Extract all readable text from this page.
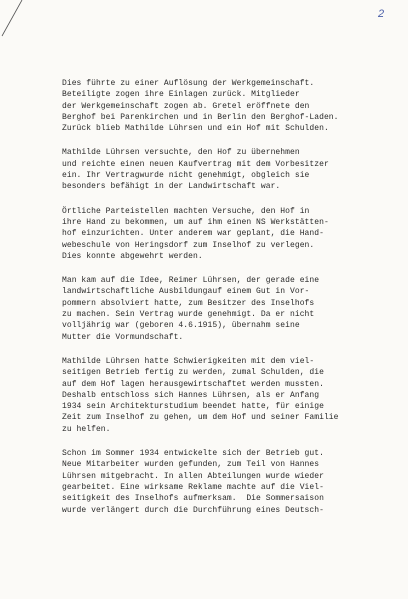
2
Dies führte zu einer Auflösung der Werkgemeinschaft.
Beteiligte zogen ihre Einlagen zurück. Mitglieder
der Werkgemeinschaft zogen ab. Gretel eröffnete den
Berghof bei Parenkirchen und in Berlin den Berghof-Laden.
Zurück blieb Mathilde Lührsen und ein Hof mit Schulden.
Mathilde Lührsen versuchte, den Hof zu übernehmen
und reichte einen neuen Kaufvertrag mit dem Vorbesitzer
ein. Ihr Vertragwurde nicht genehmigt, obgleich sie
besonders befähigt in der Landwirtschaft war.
Örtliche Parteistellen machten Versuche, den Hof in
ihre Hand zu bekommen, um auf ihm einen NS Werkstätten-
hof einzurichten. Unter anderem war geplant, die Hand-
webeschule von Heringsdorf zum Inselhof zu verlegen.
Dies konnte abgewehrt werden.
Man kam auf die Idee, Reimer Lührsen, der gerade eine
landwirtschaftliche Ausbildungauf einem Gut in Vor-
pommern absolviert hatte, zum Besitzer des Inselhofs
zu machen. Sein Vertrag wurde genehmigt. Da er nicht
volljährig war (geboren 4.6.1915), übernahm seine
Mutter die Vormundschaft.
Mathilde Lührsen hatte Schwierigkeiten mit dem viel-
seitigen Betrieb fertig zu werden, zumal Schulden, die
auf dem Hof lagen herausgewirtschaftet werden mussten.
Deshalb entschloss sich Hannes Lührsen, als er Anfang
1934 sein Architekturstudium beendet hatte, für einige
Zeit zum Inselhof zu gehen, um dem Hof und seiner Familie
zu helfen.
Schon im Sommer 1934 entwickelte sich der Betrieb gut.
Neue Mitarbeiter wurden gefunden, zum Teil von Hannes
Lührsen mitgebracht. In allen Abteilungen wurde wieder
gearbeitet. Eine wirksame Reklame machte auf die Viel-
seitigkeit des Inselhofs aufmerksam.  Die Sommersaison
wurde verlängert durch die Durchführung eines Deutsch-
